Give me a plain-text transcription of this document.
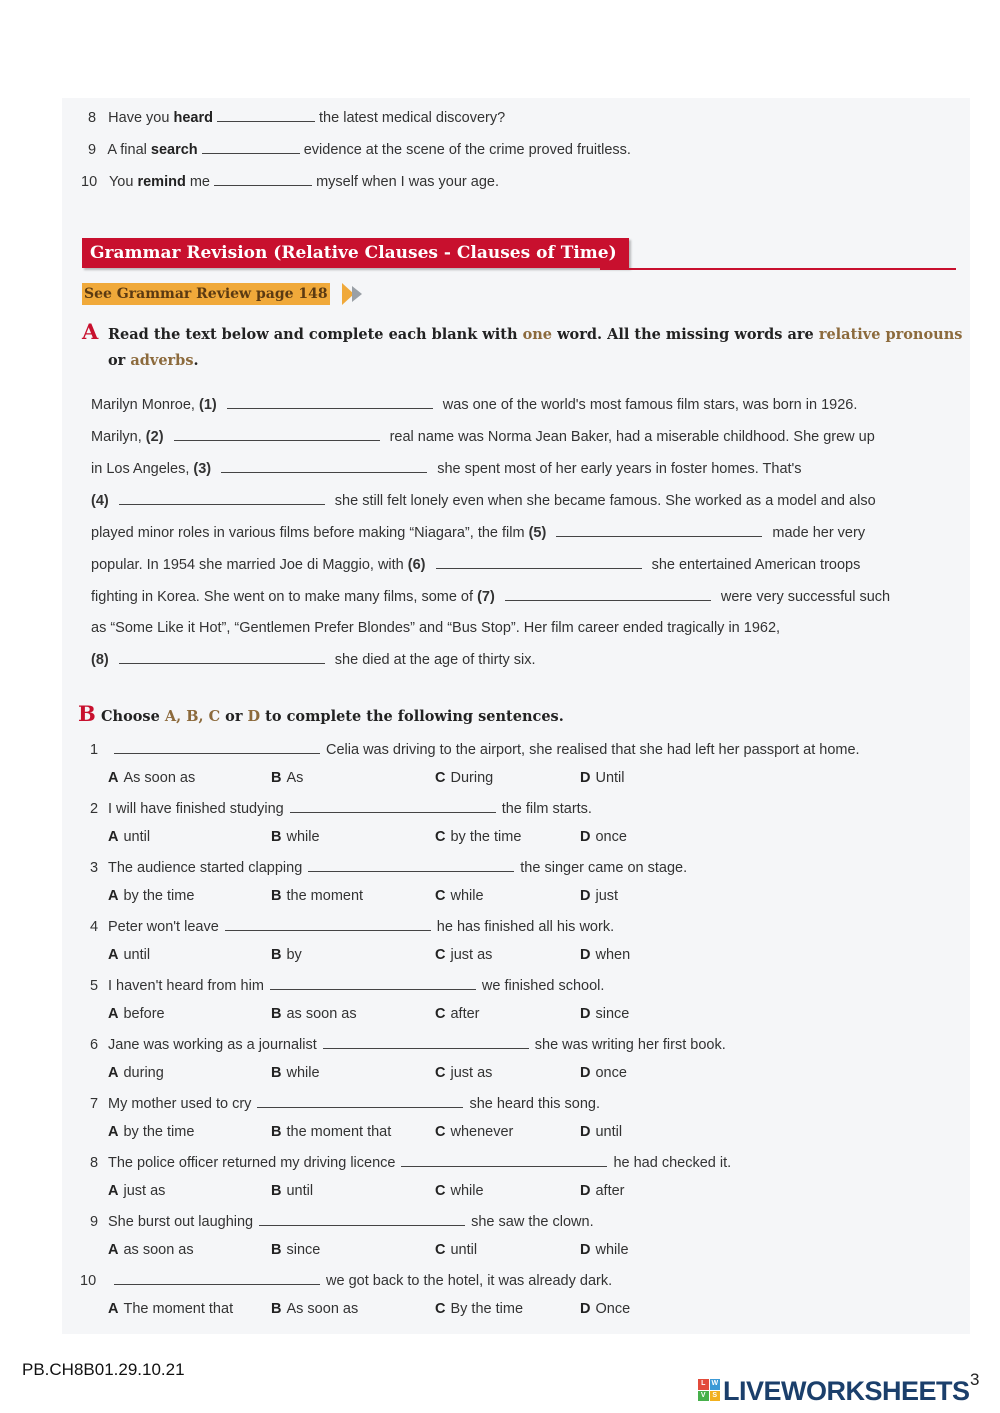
8 Have you heard	the latest medical discovery?
9 A final search	evidence at the scene of the crime proved fruitless.
10 You remind me	myself when I was your age.
Grammar Revision (Relative Clauses - Clauses of Time)
See Grammar Review page 148
A Read the text below and complete each blank with one word. All the missing words are relative pronouns
or adverbs.
Marilyn Monroe, (1)	was one of the world's most famous film stars, was born in 1926.
Marilyn, (2)	real name was Norma Jean Baker, had a miserable childhood. She grew up
in Los Angeles, (3)	she spent most of her early years in foster homes. That's
(4)	she still felt lonely even when she became famous. She worked as a model and also
played minor roles in various films before making “Niagara”, the film (5)	made her very
popular. In 1954 she married Joe di Maggio, with (6)	she entertained American troops
fighting in Korea. She went on to make many films, some of (7)	were very successful such
as “Some Like it Hot”, “Gentlemen Prefer Blondes” and “Bus Stop”. Her film career ended tragically in 1962,
(8)	she died at the age of thirty six.
B Choose A, B, C or D to complete the following sentences.
1	Celia was driving to the airport, she realised that she had left her passport at home.
A As soon as	B As	C During	D Until
2 I will have finished studying	the film starts.
A until	B while	C by the time	D once
3 The audience started clapping	the singer came on stage.
A by the time	B the moment	C while	D just
4 Peter won't leave	he has finished all his work.
A until	B by	C just as	D when
5 I haven't heard from him	we finished school.
A before	B as soon as	C after	D since
6 Jane was working as a journalist	she was writing her first book.
A during	B while	C just as	D once
7 My mother used to cry	she heard this song.
A by the time	B the moment that	C whenever	D until
8 The police officer returned my driving licence	he had checked it.
A just as	B until	C while	D after
9 She burst out laughing	she saw the clown.
A as soon as	B since	C until	D while
10	we got back to the hotel, it was already dark.
A The moment that	B As soon as	C By the time	D Once
PB.CH8B01.29.10.21
L W
V S LIVEWORKSHEETS 3
